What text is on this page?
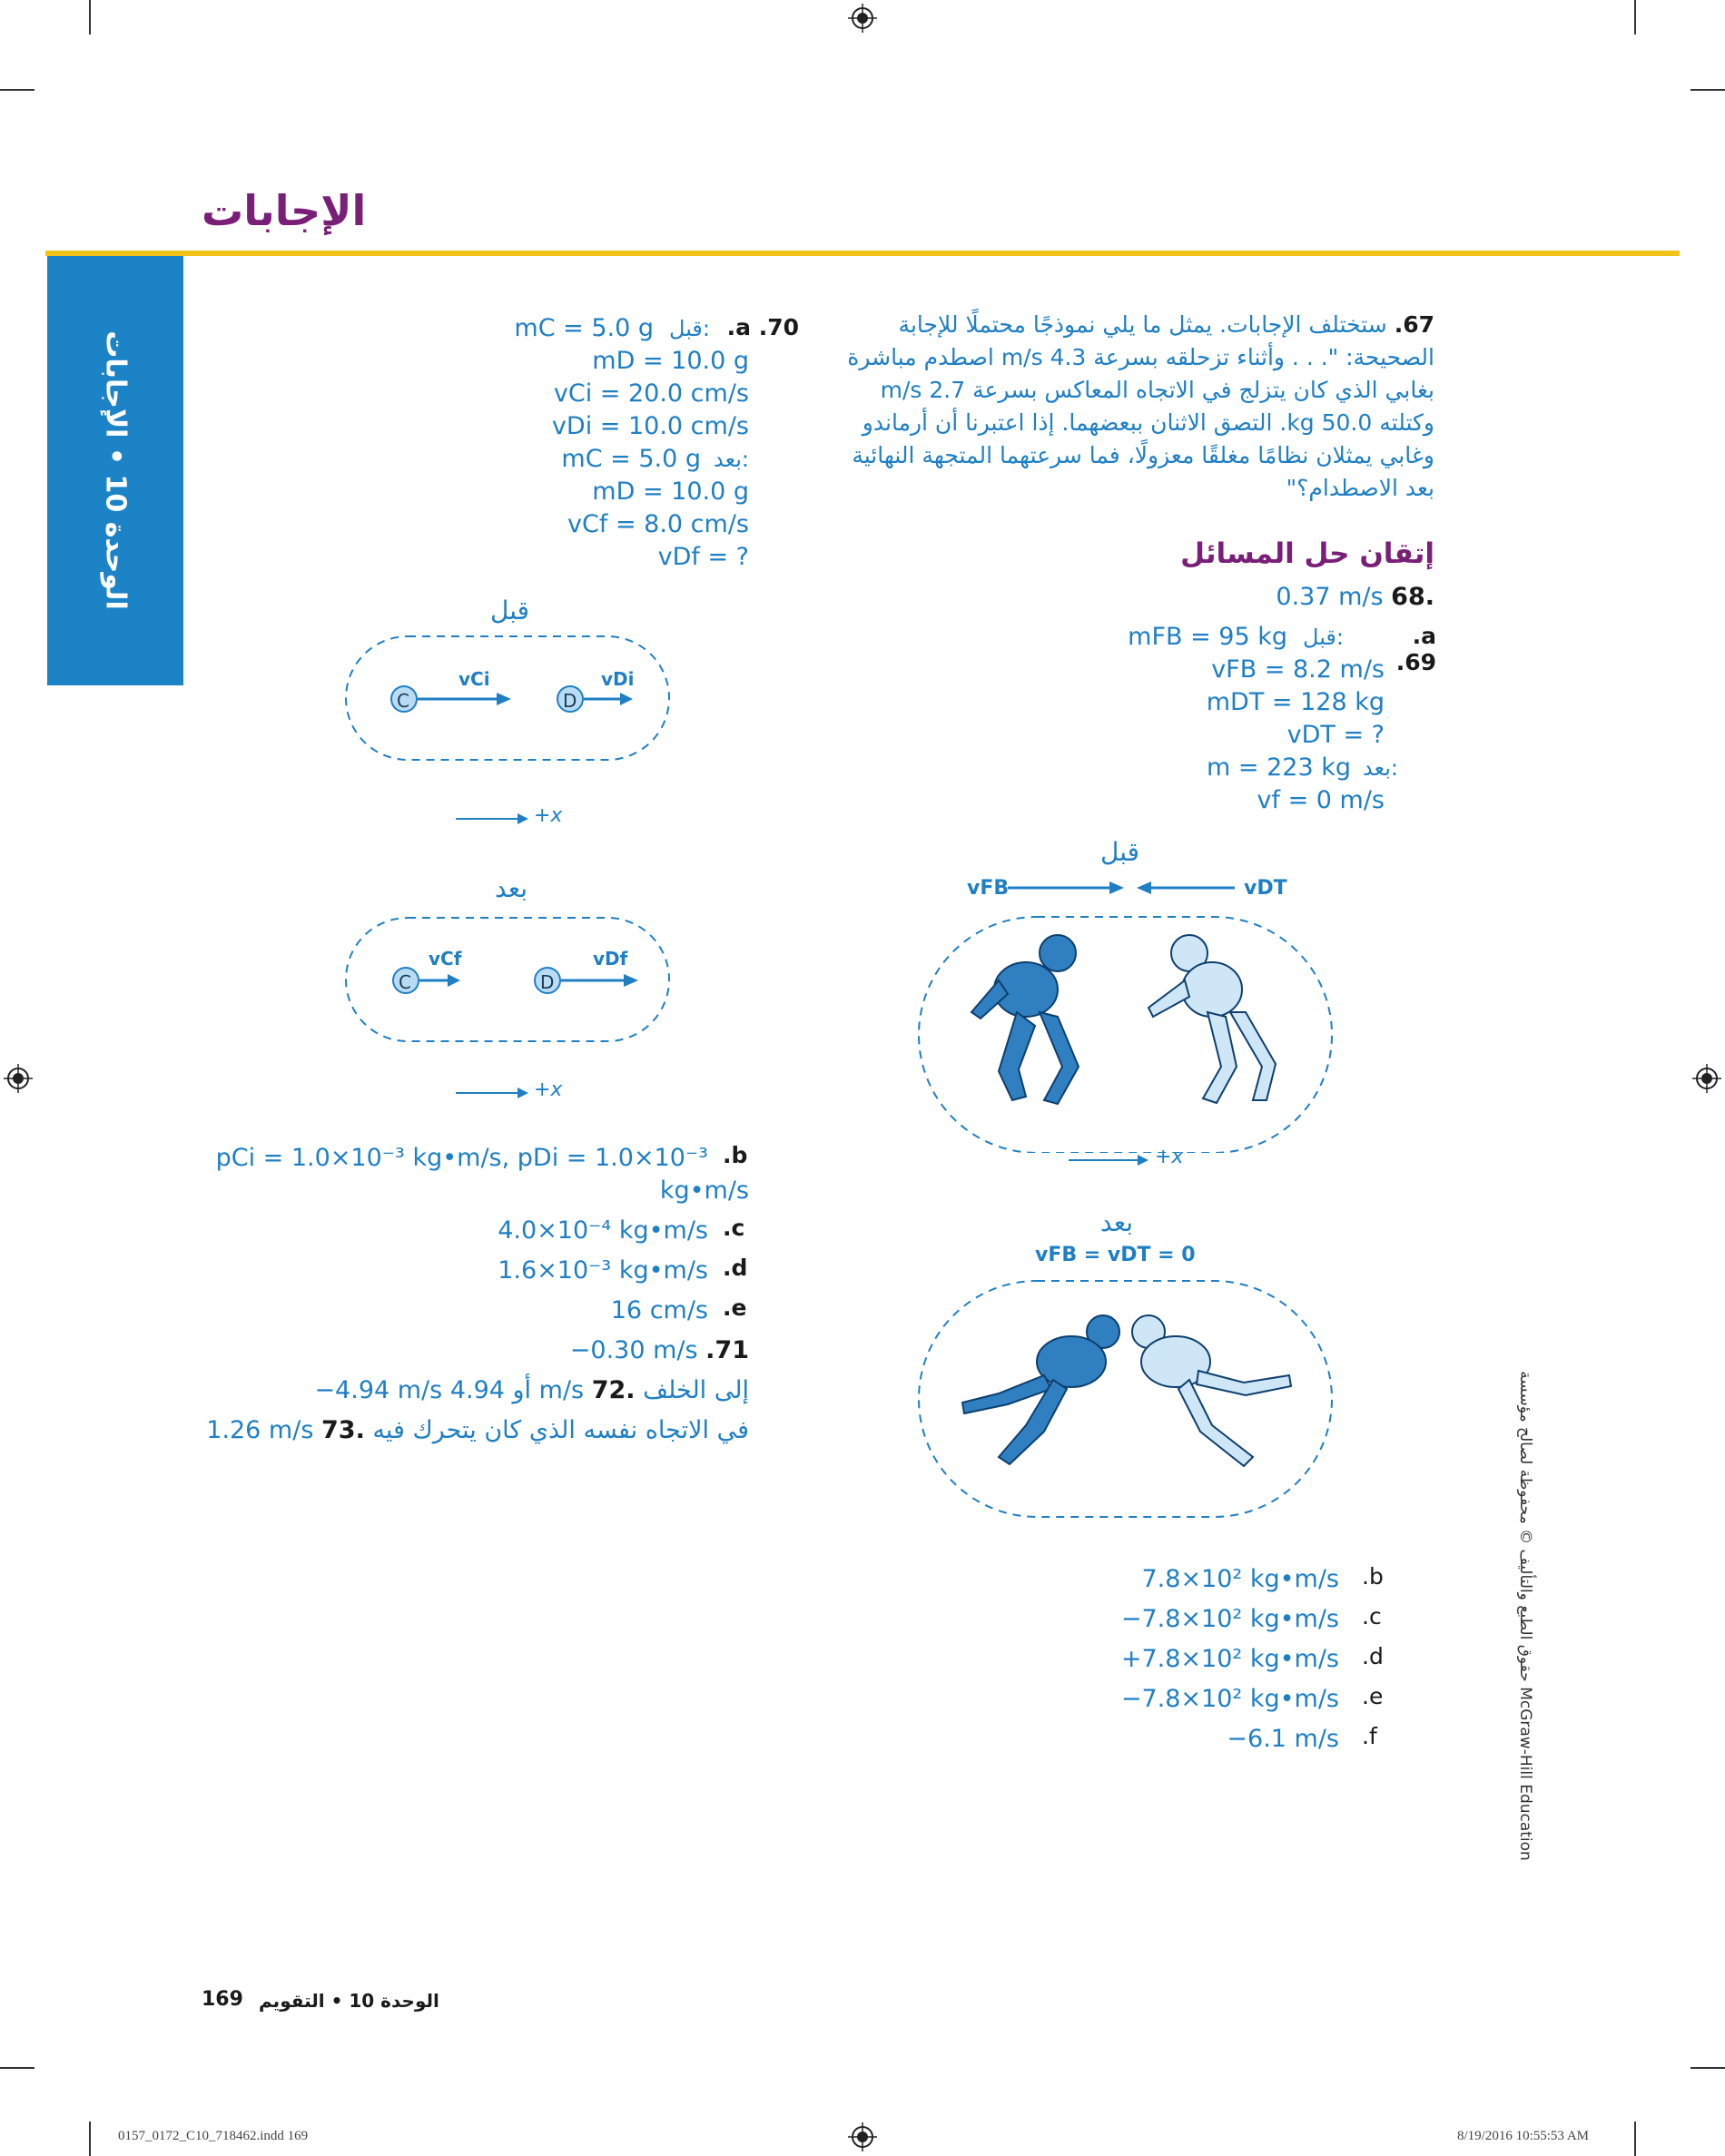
الإجابات
الوحدة 10 • الإجابات
67. ستختلف الإجابات. يمثل ما يلي نموذجًا محتملًا للإجابة الصحيحة: ". . . وأثناء تزحلقه بسرعة 4.3 m/s اصطدم مباشرة بغابي الذي كان يتزلج في الاتجاه المعاكس بسرعة 2.7 m/s وكتلته 50.0 kg. التصق الاثنان ببعضهما. إذا اعتبرنا أن أرماندو وغابي يمثلان نظامًا مغلقًا معزولًا، فما سرعتهما المتجهة النهائية بعد الاصطدام؟"
إتقان حل المسائل
0.37 m/s 68.
.a .69
قبل:
mFB = 95 kg
vFB = 8.2 m/s
mDT = 128 kg
vDT = ?
بعد:
m = 223 kg
vf = 0 m/s
قبل
vFB	vDT
+x
بعد
vFB = vDT = 0
7.8×10² kg•m/s .b
−7.8×10² kg•m/s .c
+7.8×10² kg•m/s .d
−7.8×10² kg•m/s .e
−6.1 m/s .f
.a .70
قبل:
mC = 5.0 g
mD = 10.0 g
vCi = 20.0 cm/s
vDi = 10.0 cm/s
بعد:
mC = 5.0 g
mD = 10.0 g
vCf = 8.0 cm/s
vDf = ?
قبل
C	D
vCi	vDi
+x
بعد
C	D
vCf	vDf
+x
pCi = 1.0×10⁻³ kg•m/s, pDi = 1.0×10⁻³
kg•m/s
.b
4.0×10⁻⁴ kg•m/s .c
1.6×10⁻³ kg•m/s .d
16 cm/s .e
−0.30 m/s .71
−4.94 m/s أو 4.94 m/s إلى الخلف .72
1.26 m/s في الاتجاه نفسه الذي كان يتحرك فيه .73	حقوق الطبع والتأليف © محفوظة لصالح مؤسسة McGraw-Hill Education
169 الوحدة 10 • التقويم
0157_0172_C10_718462.indd 169	8/19/2016 10:55:53 AM
